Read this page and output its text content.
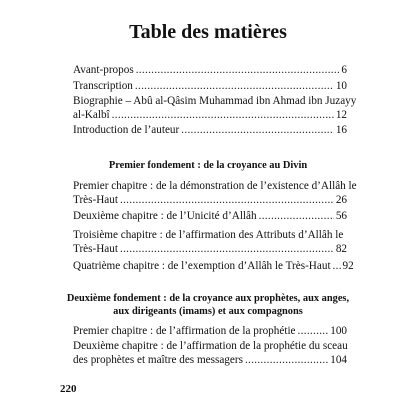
Table des matières
Avant-propos .....	6
Transcription .....	10
Biographie – Abû al-Qâsim Muhammad ibn Ahmad ibn Juzayy
al-Kalbî .....	12
Introduction de l’auteur .....	16
Premier fondement : de la croyance au Divin
Premier chapitre : de la démonstration de l’existence d’Allâh le
Très-Haut .....	26
Deuxième chapitre : de l’Unicité d’Allâh .....	56
Troisième chapitre : de l’affirmation des Attributs d’Allâh le
Très-Haut .....	82
Quatrième chapitre : de l’exemption d’Allâh le Très-Haut ..... 92
Deuxième fondement : de la croyance aux prophètes, aux anges,
aux dirigeants (imams) et aux compagnons
Premier chapitre : de l’affirmation de la prophétie .....	100
Deuxième chapitre : de l’affirmation de la prophétie du sceau
des prophètes et maître des messagers .....	104
220
